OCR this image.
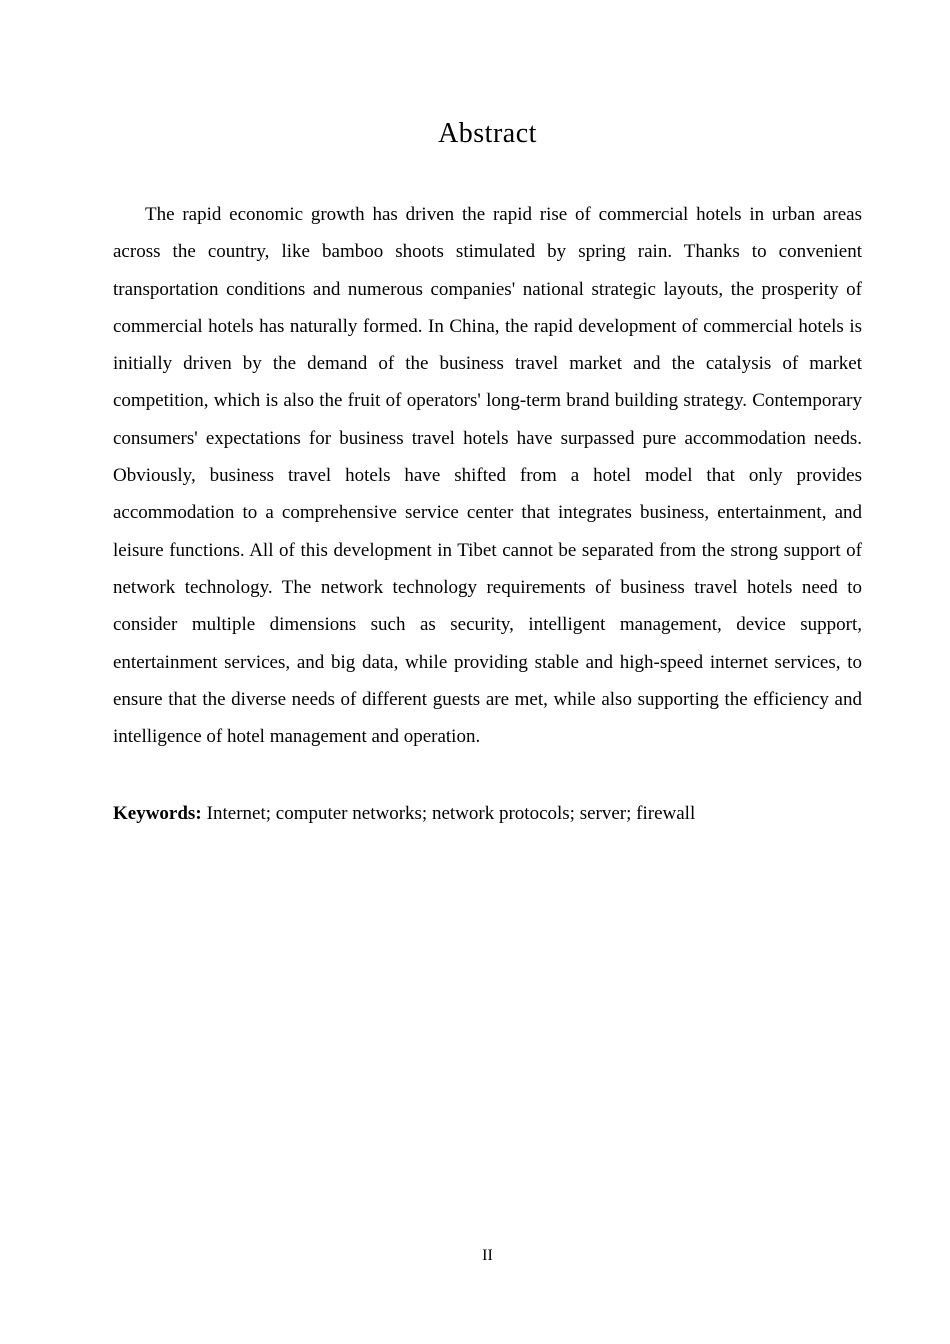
Abstract

The rapid economic growth has driven the rapid rise of commercial hotels in urban areas across the country, like bamboo shoots stimulated by spring rain. Thanks to convenient transportation conditions and numerous companies' national strategic layouts, the prosperity of commercial hotels has naturally formed. In China, the rapid development of commercial hotels is initially driven by the demand of the business travel market and the catalysis of market competition, which is also the fruit of operators' long-term brand building strategy. Contemporary consumers' expectations for business travel hotels have surpassed pure accommodation needs. Obviously, business travel hotels have shifted from a hotel model that only provides accommodation to a comprehensive service center that integrates business, entertainment, and leisure functions. All of this development in Tibet cannot be separated from the strong support of network technology. The network technology requirements of business travel hotels need to consider multiple dimensions such as security, intelligent management, device support, entertainment services, and big data, while providing stable and high-speed internet services, to ensure that the diverse needs of different guests are met, while also supporting the efficiency and intelligence of hotel management and operation.

Keywords: Internet; computer networks; network protocols; server; firewall

II
